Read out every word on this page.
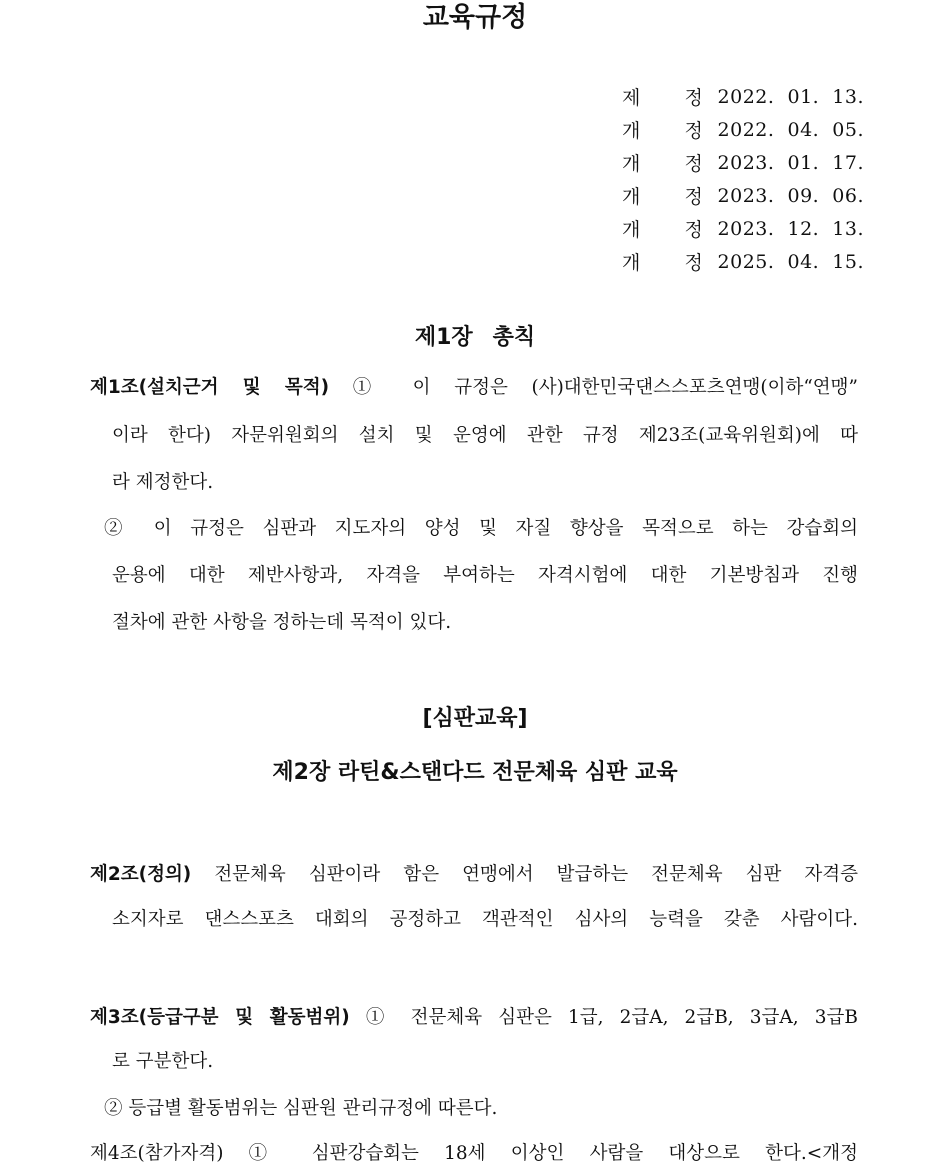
교육규정
제	정 2022.  01.  13.
개	정 2022.  04.  05.
개	정 2023.  01.  17.
개	정 2023.  09.  06.
개	정 2023.  12.  13.
개	정 2025.  04.  15.
제1장 총칙
제1조(설치근거 및 목적) ① 이 규정은 (사)대한민국댄스스포츠연맹(이하“연맹”
이라 한다) 자문위원회의 설치 및 운영에 관한 규정 제23조(교육위원회)에 따
라 제정한다.
② 이 규정은 심판과 지도자의 양성 및 자질 향상을 목적으로 하는 강습회의
운용에 대한 제반사항과, 자격을 부여하는 자격시험에 대한 기본방침과 진행
절차에 관한 사항을 정하는데 목적이 있다.
[심판교육]
제2장 라틴&스탠다드 전문체육 심판 교육
제2조(정의) 전문체육 심판이라 함은 연맹에서 발급하는 전문체육 심판 자격증
소지자로 댄스스포츠 대회의 공정하고 객관적인 심사의 능력을 갖춘 사람이다.
제3조(등급구분 및 활동범위) ① 전문체육 심판은 1급, 2급A, 2급B, 3급A, 3급B
로 구분한다.
② 등급별 활동범위는 심판원 관리규정에 따른다.
제4조(참가자격) ① 심판강습회는 18세 이상인 사람을 대상으로 한다.<개정
